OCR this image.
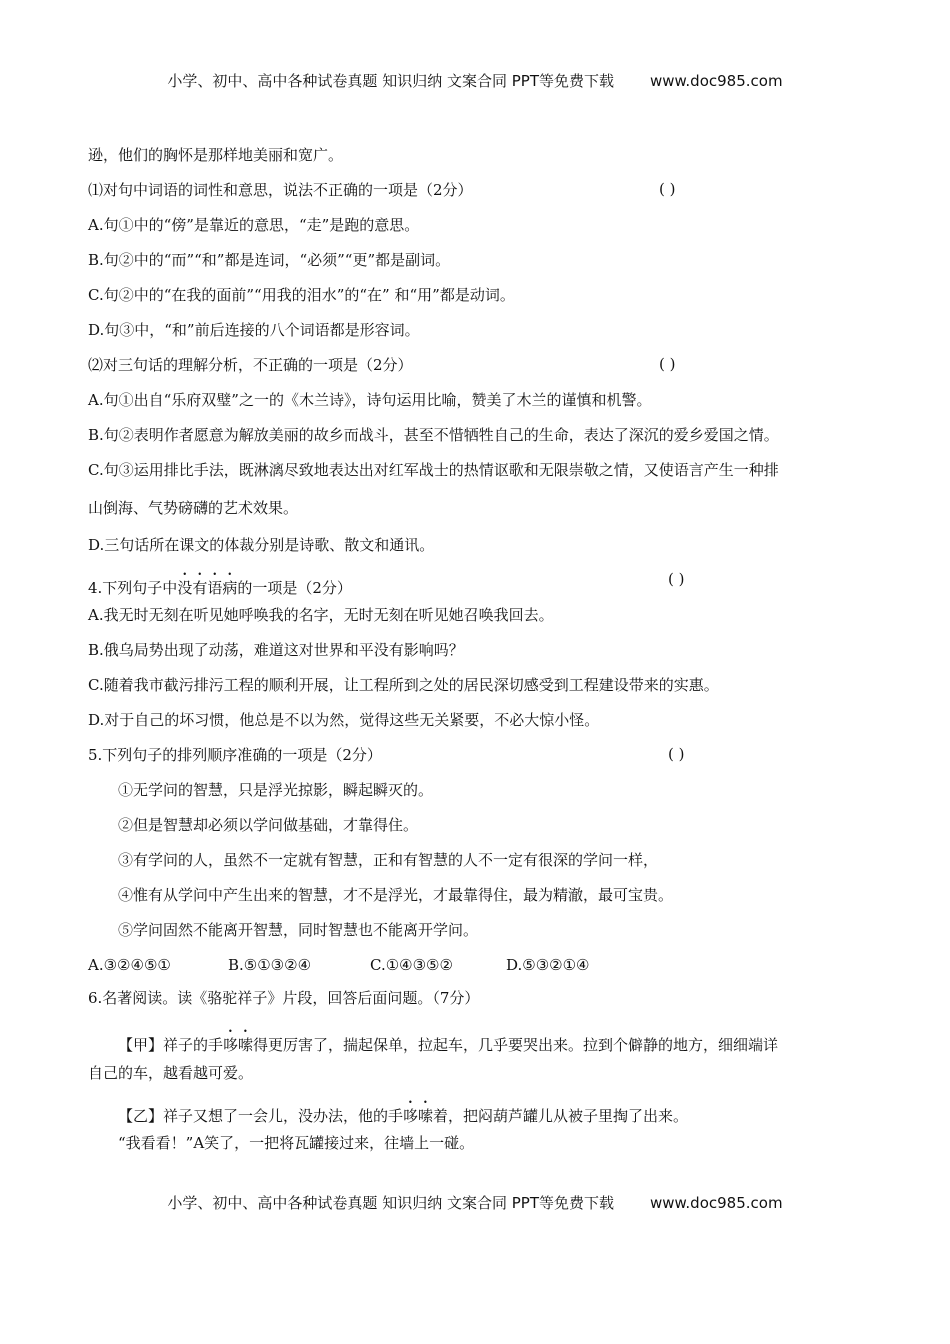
小学、初中、高中各种试卷真题 知识归纳 文案合同 PPT等免费下载 www.doc985.com
逊，他们的胸怀是那样地美丽和宽广。
⑴对句中词语的词性和意思，说法不正确的一项是（2分）	( )
A.句①中的“傍”是靠近的意思，“走”是跑的意思。
B.句②中的“而”“和”都是连词，“必须”“更”都是副词。
C.句②中的“在我的面前”“用我的泪水”的“在” 和“用”都是动词。
D.句③中，“和”前后连接的八个词语都是形容词。
⑵对三句话的理解分析，不正确的一项是（2分）	( )
A.句①出自“乐府双璧”之一的《木兰诗》，诗句运用比喻，赞美了木兰的谨慎和机警。
B.句②表明作者愿意为解放美丽的故乡而战斗，甚至不惜牺牲自己的生命，表达了深沉的爱乡爱国之情。
C.句③运用排比手法，既淋漓尽致地表达出对红军战士的热情讴歌和无限崇敬之情，又使语言产生一种排
山倒海、气势磅礴的艺术效果。
D.三句话所在课文的体裁分别是诗歌、散文和通讯。
4.下列句子中没有语病的一项是（2分）	( )
A.我无时无刻在听见她呼唤我的名字，无时无刻在听见她召唤我回去。
B.俄乌局势出现了动荡，难道这对世界和平没有影响吗？
C.随着我市截污排污工程的顺利开展，让工程所到之处的居民深切感受到工程建设带来的实惠。
D.对于自己的坏习惯，他总是不以为然，觉得这些无关紧要，不必大惊小怪。
5.下列句子的排列顺序准确的一项是（2分）	( )
①无学问的智慧，只是浮光掠影，瞬起瞬灭的。
②但是智慧却必须以学问做基础，才靠得住。
③有学问的人，虽然不一定就有智慧，正和有智慧的人不一定有很深的学问一样，
④惟有从学问中产生出来的智慧，才不是浮光，才最靠得住，最为精澈，最可宝贵。
⑤学问固然不能离开智慧，同时智慧也不能离开学问。
A.③②④⑤①	B.⑤①③②④	C.①④③⑤②	D.⑤③②①④
6.名著阅读。读《骆驼祥子》片段，回答后面问题。（7分）
【甲】祥子的手哆嗦得更厉害了，揣起保单，拉起车，几乎要哭出来。拉到个僻静的地方，细细端详
自己的车，越看越可爱。
【乙】祥子又想了一会儿，没办法，他的手哆嗦着，把闷葫芦罐儿从被子里掏了出来。
“我看看！”A笑了，一把将瓦罐接过来，往墙上一碰。
小学、初中、高中各种试卷真题 知识归纳 文案合同 PPT等免费下载 www.doc985.com
